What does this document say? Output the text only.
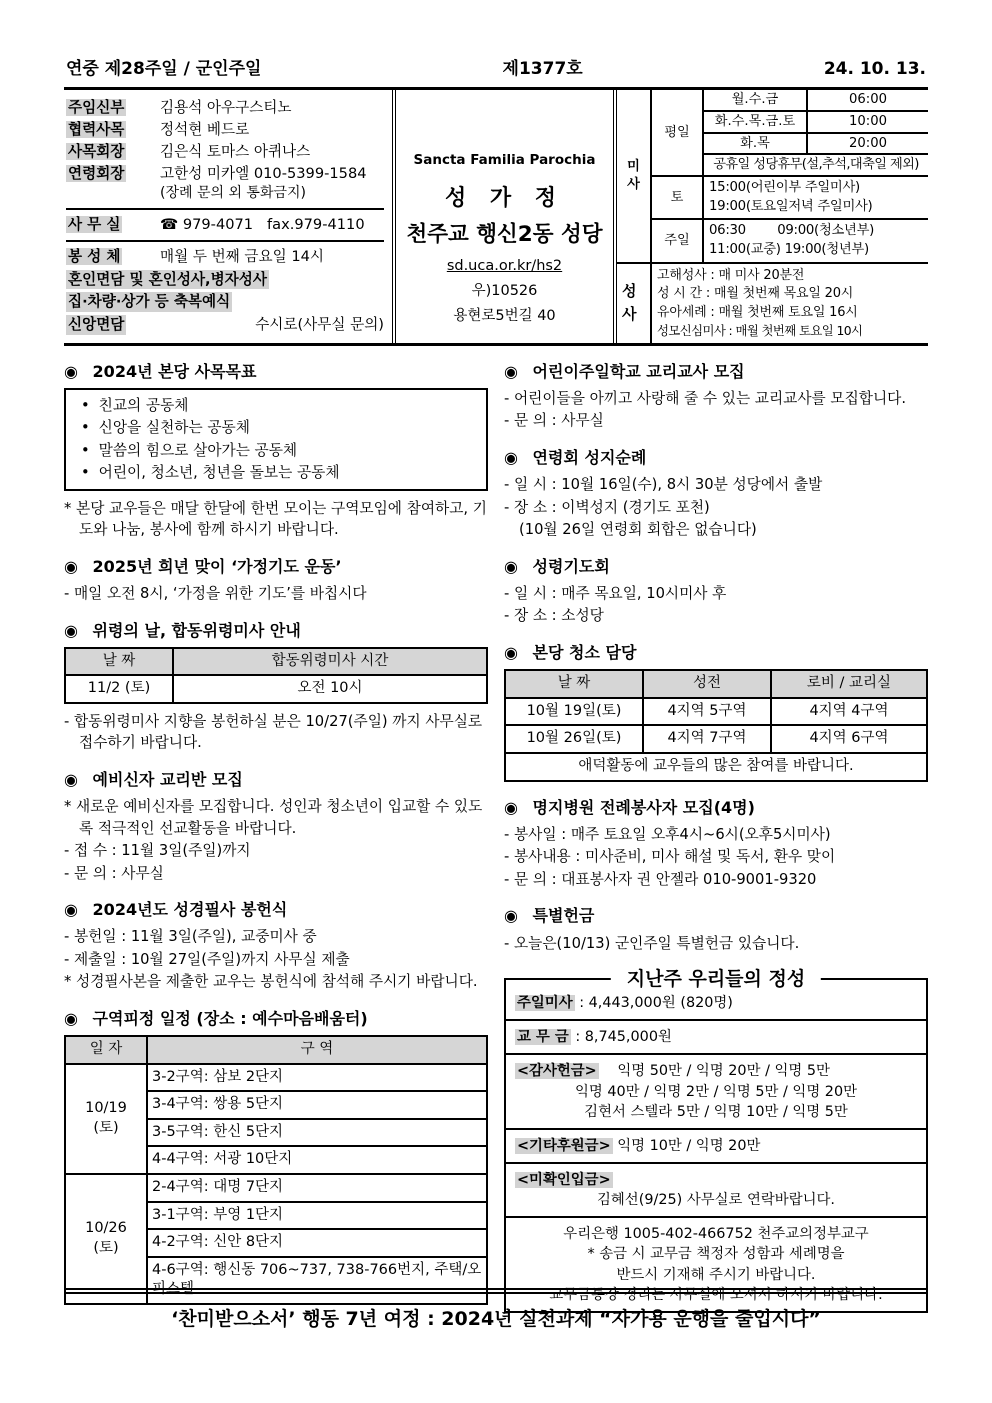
연중 제28주일 / 군인주일	제1377호	24. 10. 13.
주임신부	김용석 아우구스티노
협력사목	정석현 베드로
사목회장	김은식 토마스 아퀴나스
연령회장	고한성 미카엘 010-5399-1584
(장례 문의 외 통화금지)
사 무 실	☎ 979-4071   fax.979-4110
봉 성 체	매월 두 번째 금요일 14시
혼인면담 및 혼인성사,병자성사
집·차량·상가 등 축복예식
신앙면담	수시로(사무실 문의)
Sancta Familia Parochia
성 가 정
천주교 행신2동 성당
sd.uca.or.kr/hs2
우)10526
용현로5번길 40
미사	평일	월.수.금	06:00
		화.수.목.금.토	10:00
		화.목	20:00
		공휴일 성당휴무(설,추석,대축일 제외)	
	토	15:00(어린이부 주일미사)
19:00(토요일저녁 주일미사)	

	주일	06:30        09:00(청소년부)
11:00(교중) 19:00(청년부)	
성사	
고해성사 : 매 미사 20분전
성 시 간 : 매월 첫번째 목요일 20시
유아세례 : 매월 첫번째 토요일 16시
성모신심미사 : 매월 첫번째 토요일 10시
◉ 2024년 본당 사목목표
• 친교의 공동체
• 신앙을 실천하는 공동체
• 말씀의 힘으로 살아가는 공동체
• 어린이, 청소년, 청년을 돌보는 공동체
* 본당 교우들은 매달 한달에 한번 모이는 구역모임에 참여하고, 기도와 나눔, 봉사에 함께 하시기 바랍니다.
◉ 2025년 희년 맞이 ‘가정기도 운동’
- 매일 오전 8시, ‘가정을 위한 기도’를 바칩시다
◉ 위령의 날, 합동위령미사 안내
날 짜	합동위령미사 시간
11/2 (토)	오전 10시
- 합동위령미사 지향을 봉헌하실 분은 10/27(주일) 까지 사무실로 접수하기 바랍니다.
◉ 예비신자 교리반 모집
* 새로운 예비신자를 모집합니다. 성인과 청소년이 입교할 수 있도록 적극적인 선교활동을 바랍니다.
- 접 수 : 11월 3일(주일)까지
- 문 의 : 사무실
◉ 2024년도 성경필사 봉헌식
- 봉헌일 : 11월 3일(주일), 교중미사 중
- 제출일 : 10월 27일(주일)까지 사무실 제출
* 성경필사본을 제출한 교우는 봉헌식에 참석해 주시기 바랍니다.
◉ 구역피정 일정 (장소 : 예수마음배움터)
일 자	구 역

10/19
(토)	3-2구역: 삼보 2단지
	3-4구역: 쌍용 5단지
	3-5구역: 한신 5단지
	4-4구역: 서광 10단지

10/26
(토)	2-4구역: 대명 7단지
	3-1구역: 부영 1단지
	4-2구역: 신안 8단지
	4-6구역: 행신동 706~737, 738-766번지, 주택/오피스텔
◉ 어린이주일학교 교리교사 모집
- 어린이들을 아끼고 사랑해 줄 수 있는 교리교사를 모집합니다.
- 문 의 : 사무실
◉ 연령회 성지순례
- 일 시 : 10월 16일(수), 8시 30분 성당에서 출발
- 장 소 : 이벽성지 (경기도 포천)
(10월 26일 연령회 회합은 없습니다)
◉ 성령기도회
- 일 시 : 매주 목요일, 10시미사 후
- 장 소 : 소성당
◉ 본당 청소 담당
날 짜	성전	로비 / 교리실
10월 19일(토)	4지역 5구역	4지역 4구역
10월 26일(토)	4지역 7구역	4지역 6구역
애덕활동에 교우들의 많은 참여를 바랍니다.		
◉ 명지병원 전례봉사자 모집(4명)
- 봉사일 : 매주 토요일 오후4시~6시(오후5시미사)
- 봉사내용 : 미사준비, 미사 해설 및 독서, 환우 맞이
- 문 의 : 대표봉사자 권 안젤라 010-9001-9320
◉ 특별헌금
- 오늘은(10/13) 군인주일 특별헌금 있습니다.
지난주 우리들의 정성
주일미사 : 4,443,000원 (820명)
교 무 금 : 8,745,000원
<감사헌금> 익명 50만 / 익명 20만 / 익명 5만
익명 40만 / 익명 2만 / 익명 5만 / 익명 20만
김현서 스텔라 5만 / 익명 10만 / 익명 5만
<기타후원금> 익명 10만 / 익명 20만
<미확인입금>
김혜선(9/25) 사무실로 연락바랍니다.
우리은행 1005-402-466752 천주교의정부교구
* 송금 시 교무금 책정자 성함과 세례명을
반드시 기재해 주시기 바랍니다.
교무금통장 정리는 사무실에 오셔서 하시기 바랍니다.
‘찬미받으소서’ 행동 7년 여정 : 2024년 실천과제 “자가용 운행을 줄입시다”
